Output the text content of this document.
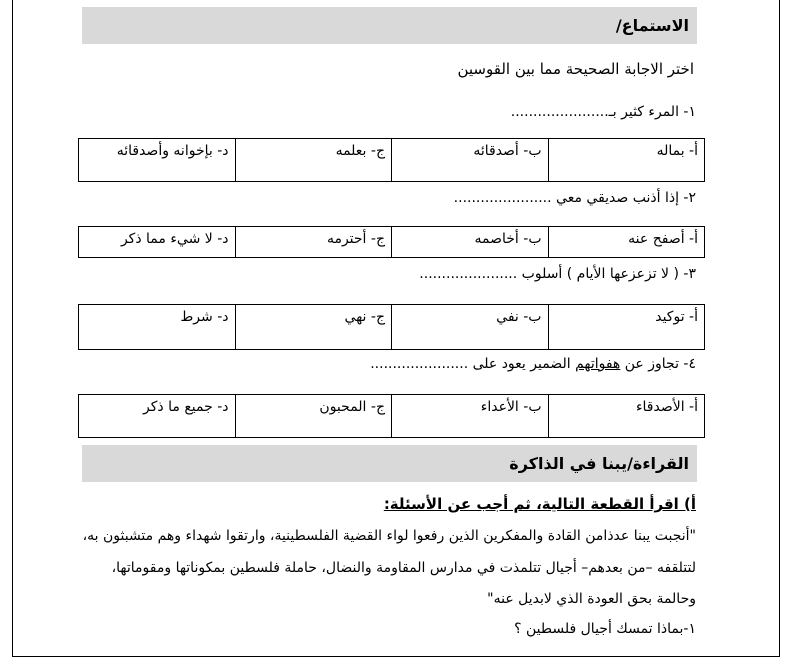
الاستماع/
اختر الاجابة الصحيحة مما بين القوسين
١- المرء كثير بـ......................
أ- بماله	ب- أصدقائه	ج- بعلمه	د- بإخوانه وأصدقائه
٢- إذا أذنب صديقي معي ......................
أ- أصفح عنه	ب- أخاصمه	ج- أحترمه	د- لا شيء مما ذكر
٣- ( لا تزعزعها الأيام ) أسلوب ......................
أ- توكيد	ب- نفي	ج- نهي	د- شرط
٤- تجاوز عن هفواتهم الضمير يعود على ......................
أ- الأصدقاء	ب- الأعداء	ج- المحبون	د- جميع ما ذكر
القراءة/يبنا في الذاكرة
أ) اقرأ القطعة التالية، ثم أجب عن الأسئلة:
"أنجبت يبنا عدذامن القادة والمفكرين الذين رفعوا لواء القضية الفلسطينية، وارتقوا شهداء وهم متشبثون به،
لتتلقفه –من بعدهم– أجيال تتلمذت في مدارس المقاومة والنضال، حاملة فلسطين بمكوناتها ومقوماتها،
وحالمة بحق العودة الذي لابديل عنه"
١-بماذا تمسك أجيال فلسطين ؟
